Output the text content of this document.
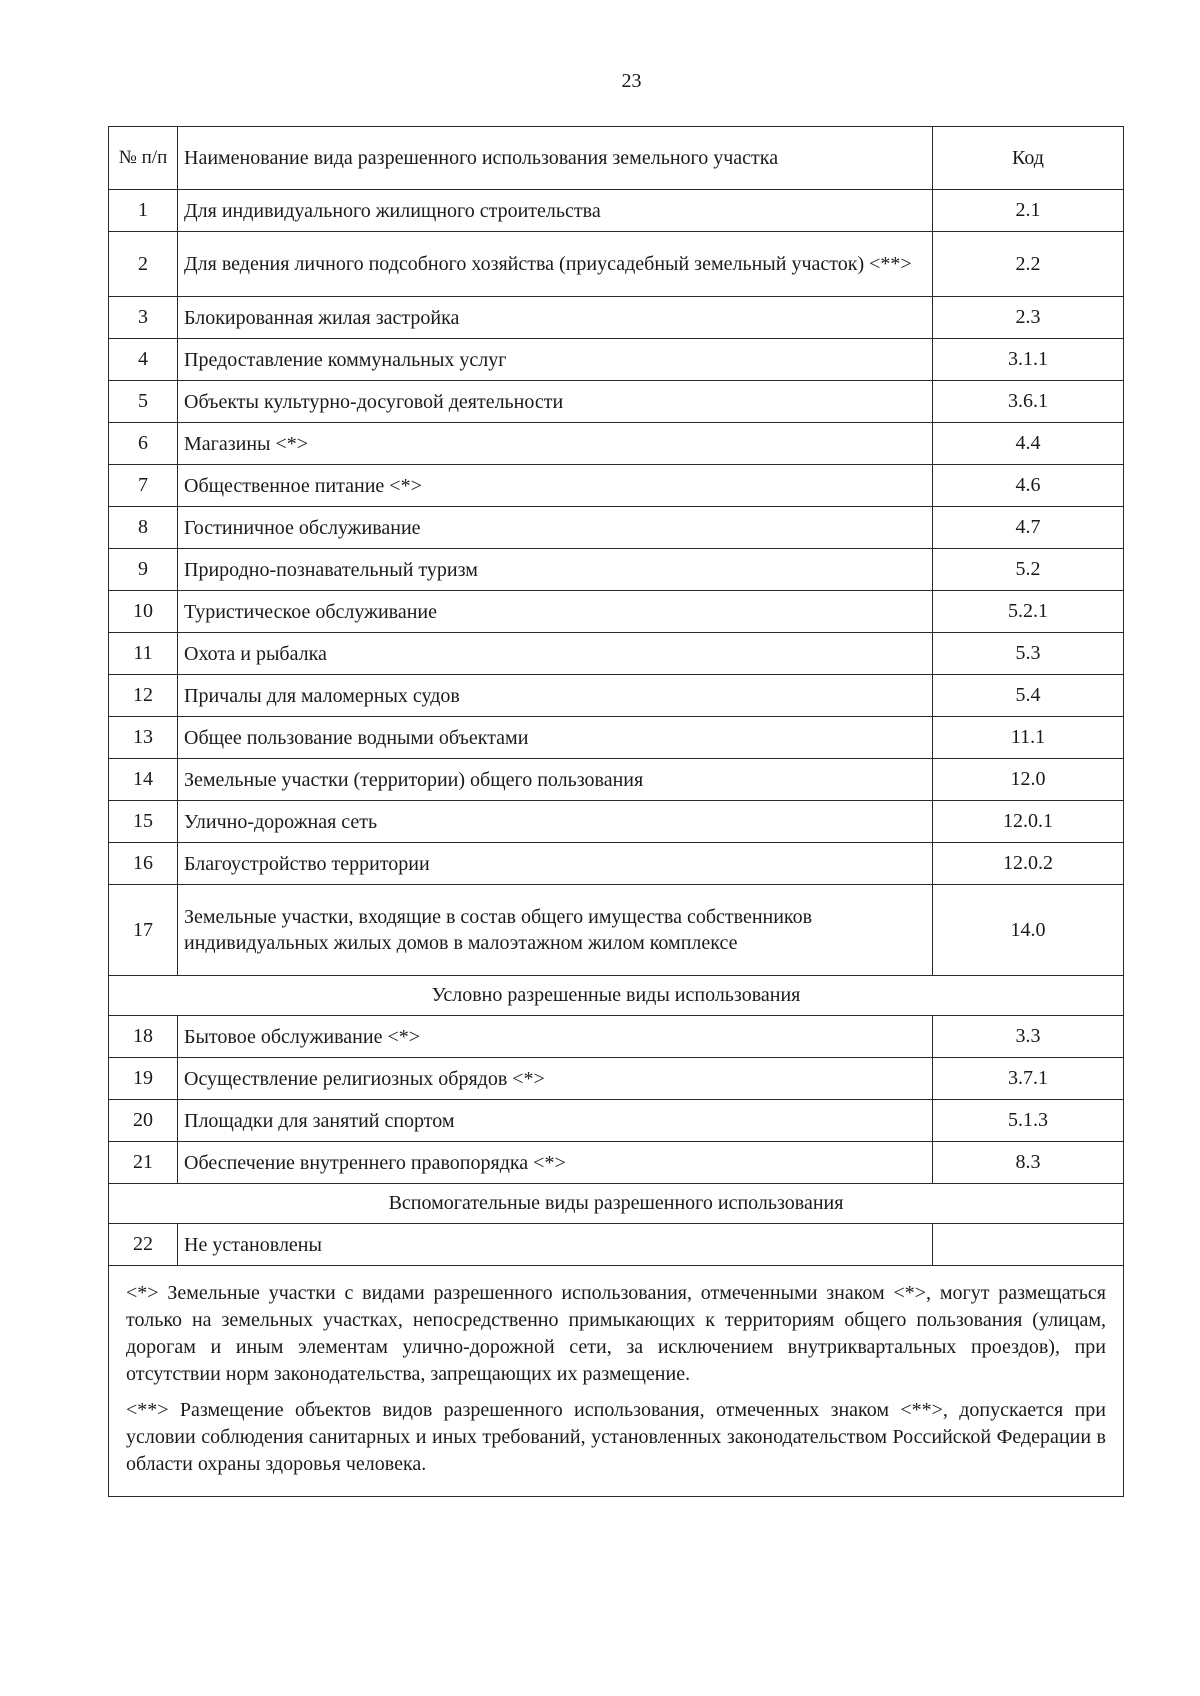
23
№ п/п	Наименование вида разрешенного использования земельного участка	Код
1	Для индивидуального жилищного строительства	2.1
2	Для ведения личного подсобного хозяйства (приусадебный земельный участок) <**>	2.2
3	Блокированная жилая застройка	2.3
4	Предоставление коммунальных услуг	3.1.1
5	Объекты культурно-досуговой деятельности	3.6.1
6	Магазины <*>	4.4
7	Общественное питание <*>	4.6
8	Гостиничное обслуживание	4.7
9	Природно-познавательный туризм	5.2
10	Туристическое обслуживание	5.2.1
11	Охота и рыбалка	5.3
12	Причалы для маломерных судов	5.4
13	Общее пользование водными объектами	11.1
14	Земельные участки (территории) общего пользования	12.0
15	Улично-дорожная сеть	12.0.1
16	Благоустройство территории	12.0.2
17	Земельные участки, входящие в состав общего имущества собственников индивидуальных жилых домов в малоэтажном жилом комплексе	14.0
Условно разрешенные виды использования		
18	Бытовое обслуживание <*>	3.3
19	Осуществление религиозных обрядов <*>	3.7.1
20	Площадки для занятий спортом	5.1.3
21	Обеспечение внутреннего правопорядка <*>	8.3
Вспомогательные виды разрешенного использования		
22	Не установлены	

<*> Земельные участки с видами разрешенного использования, отмеченными знаком <*>, могут размещаться только на земельных участках, непосредственно примыкающих к территориям общего пользования (улицам, дорогам и иным элементам улично-дорожной сети, за исключением внутриквартальных проездов), при отсутствии норм законодательства, запрещающих их размещение.

<**> Размещение объектов видов разрешенного использования, отмеченных знаком <**>, допускается при условии соблюдения санитарных и иных требований, установленных законодательством Российской Федерации в области охраны здоровья человека.		
